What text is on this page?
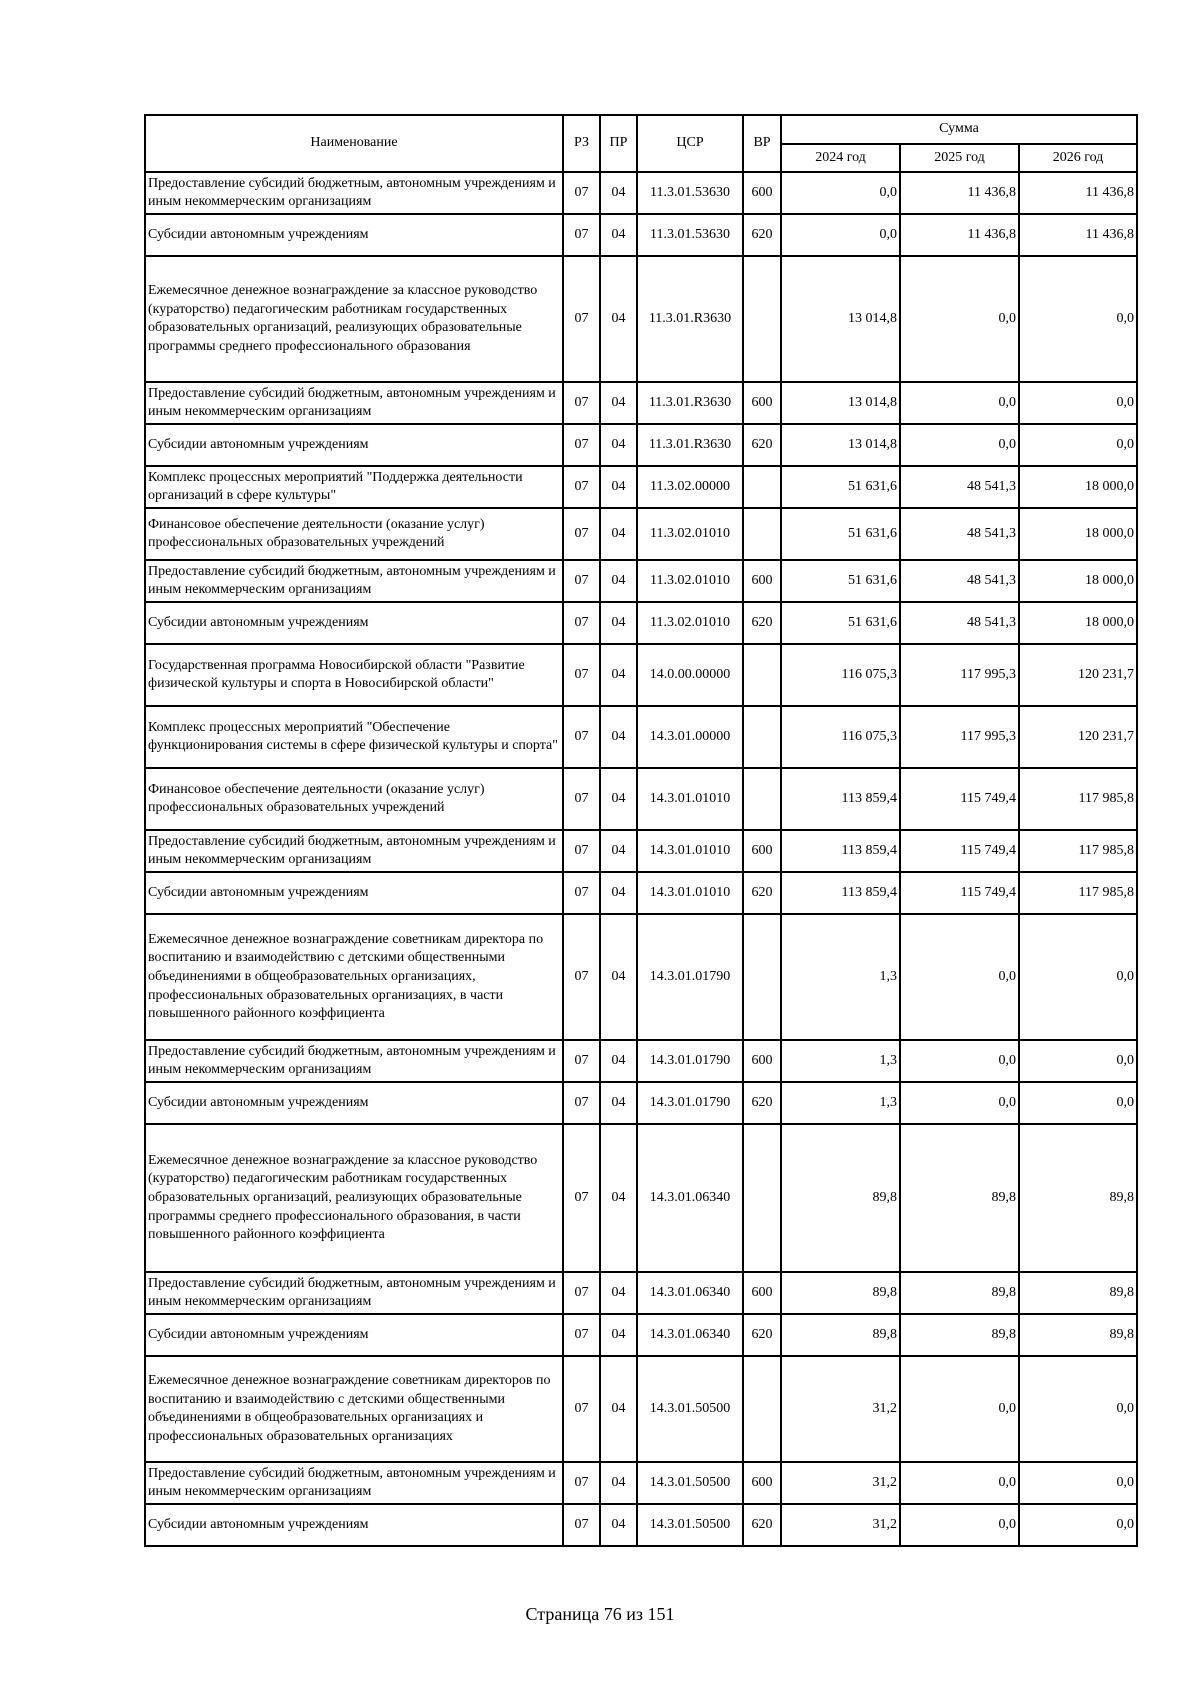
Наименование	РЗ	ПР	ЦСР	ВР	Сумма		
					2024 год	2025 год	2026 год
Предоставление субсидий бюджетным, автономным учреждениям и иным некоммерческим организациям	07	04	11.3.01.53630	600	0,0	11 436,8	11 436,8
Субсидии автономным учреждениям	07	04	11.3.01.53630	620	0,0	11 436,8	11 436,8
Ежемесячное денежное вознаграждение за классное руководство (кураторство) педагогическим работникам государственных образовательных организаций, реализующих образовательные программы среднего профессионального образования	07	04	11.3.01.R3630		13 014,8	0,0	0,0
Предоставление субсидий бюджетным, автономным учреждениям и иным некоммерческим организациям	07	04	11.3.01.R3630	600	13 014,8	0,0	0,0
Субсидии автономным учреждениям	07	04	11.3.01.R3630	620	13 014,8	0,0	0,0
Комплекс процессных мероприятий "Поддержка деятельности организаций в сфере культуры"	07	04	11.3.02.00000		51 631,6	48 541,3	18 000,0
Финансовое обеспечение деятельности (оказание услуг) профессиональных образовательных учреждений	07	04	11.3.02.01010		51 631,6	48 541,3	18 000,0
Предоставление субсидий бюджетным, автономным учреждениям и иным некоммерческим организациям	07	04	11.3.02.01010	600	51 631,6	48 541,3	18 000,0
Субсидии автономным учреждениям	07	04	11.3.02.01010	620	51 631,6	48 541,3	18 000,0
Государственная программа Новосибирской области "Развитие физической культуры и спорта в Новосибирской области"	07	04	14.0.00.00000		116 075,3	117 995,3	120 231,7
Комплекс процессных мероприятий "Обеспечение функционирования системы в сфере физической культуры и спорта"	07	04	14.3.01.00000		116 075,3	117 995,3	120 231,7
Финансовое обеспечение деятельности (оказание услуг) профессиональных образовательных учреждений	07	04	14.3.01.01010		113 859,4	115 749,4	117 985,8
Предоставление субсидий бюджетным, автономным учреждениям и иным некоммерческим организациям	07	04	14.3.01.01010	600	113 859,4	115 749,4	117 985,8
Субсидии автономным учреждениям	07	04	14.3.01.01010	620	113 859,4	115 749,4	117 985,8
Ежемесячное денежное вознаграждение советникам директора по воспитанию и взаимодействию с детскими общественными объединениями в общеобразовательных организациях, профессиональных образовательных организациях, в части повышенного районного коэффициента	07	04	14.3.01.01790		1,3	0,0	0,0
Предоставление субсидий бюджетным, автономным учреждениям и иным некоммерческим организациям	07	04	14.3.01.01790	600	1,3	0,0	0,0
Субсидии автономным учреждениям	07	04	14.3.01.01790	620	1,3	0,0	0,0
Ежемесячное денежное вознаграждение за классное руководство (кураторство) педагогическим работникам государственных образовательных организаций, реализующих образовательные программы среднего профессионального образования, в части повышенного районного коэффициента	07	04	14.3.01.06340		89,8	89,8	89,8
Предоставление субсидий бюджетным, автономным учреждениям и иным некоммерческим организациям	07	04	14.3.01.06340	600	89,8	89,8	89,8
Субсидии автономным учреждениям	07	04	14.3.01.06340	620	89,8	89,8	89,8
Ежемесячное денежное вознаграждение советникам директоров по воспитанию и взаимодействию с детскими общественными объединениями в общеобразовательных организациях и профессиональных образовательных организациях	07	04	14.3.01.50500		31,2	0,0	0,0
Предоставление субсидий бюджетным, автономным учреждениям и иным некоммерческим организациям	07	04	14.3.01.50500	600	31,2	0,0	0,0
Субсидии автономным учреждениям	07	04	14.3.01.50500	620	31,2	0,0	0,0
Страница 76 из 151
